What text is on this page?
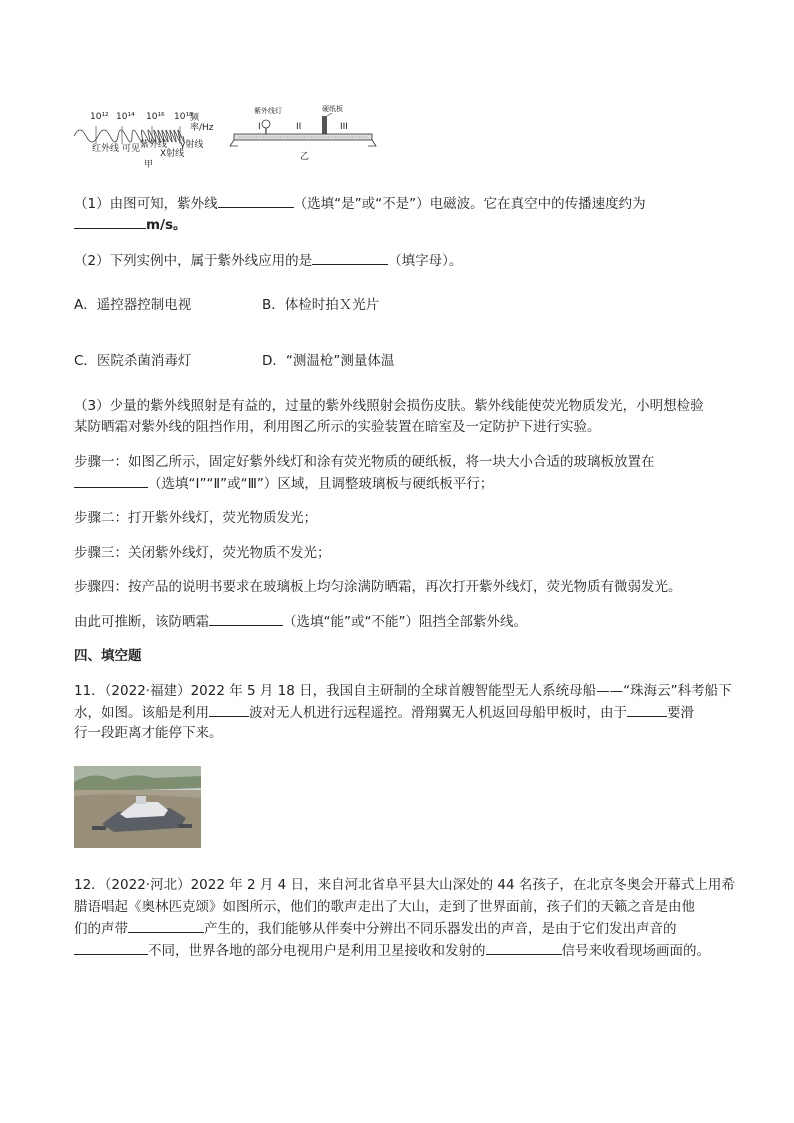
10¹² 10¹⁴ 10¹⁶ 10¹⁸
频率/Hz
红外线 可见 紫外线
X射线
γ射线
甲
紫外线灯	硬纸板
I	II	III
乙
（1）由图可知，紫外线	（选填“是”或“不是”）电磁波。它在真空中的传播速度约为
m/s。
（2）下列实例中，属于紫外线应用的是	（填字母）。
A．遥控器控制电视	B．体检时拍Ｘ光片
C．医院杀菌消毒灯	D．“测温枪”测量体温
（3）少量的紫外线照射是有益的，过量的紫外线照射会损伤皮肤。紫外线能使荧光物质发光，小明想检验
某防晒霜对紫外线的阻挡作用，利用图乙所示的实验装置在暗室及一定防护下进行实验。
步骤一：如图乙所示，固定好紫外线灯和涂有荧光物质的硬纸板，将一块大小合适的玻璃板放置在
（选填“I”“Ⅱ”或“Ⅲ”）区域，且调整玻璃板与硬纸板平行；
步骤二：打开紫外线灯，荧光物质发光；
步骤三：关闭紫外线灯，荧光物质不发光；
步骤四：按产品的说明书要求在玻璃板上均匀涂满防晒霜，再次打开紫外线灯，荧光物质有微弱发光。
由此可推断，该防晒霜	（选填“能”或“不能”）阻挡全部紫外线。
四、填空题
11．（2022·福建）2022 年 5 月 18 日，我国自主研制的全球首艘智能型无人系统母船——“珠海云”科考船下
水，如图。该船是利用	波对无人机进行远程遥控。滑翔翼无人机返回母船甲板时，由于	要滑
行一段距离才能停下来。
12．（2022·河北）2022 年 2 月 4 日，来自河北省阜平县大山深处的 44 名孩子，在北京冬奥会开幕式上用希
腊语唱起《奥林匹克颂》如图所示，他们的歌声走出了大山，走到了世界面前，孩子们的天籁之音是由他
们的声带	产生的，我们能够从伴奏中分辨出不同乐器发出的声音，是由于它们发出声音的
不同，世界各地的部分电视用户是利用卫星接收和发射的	信号来收看现场画面的。
